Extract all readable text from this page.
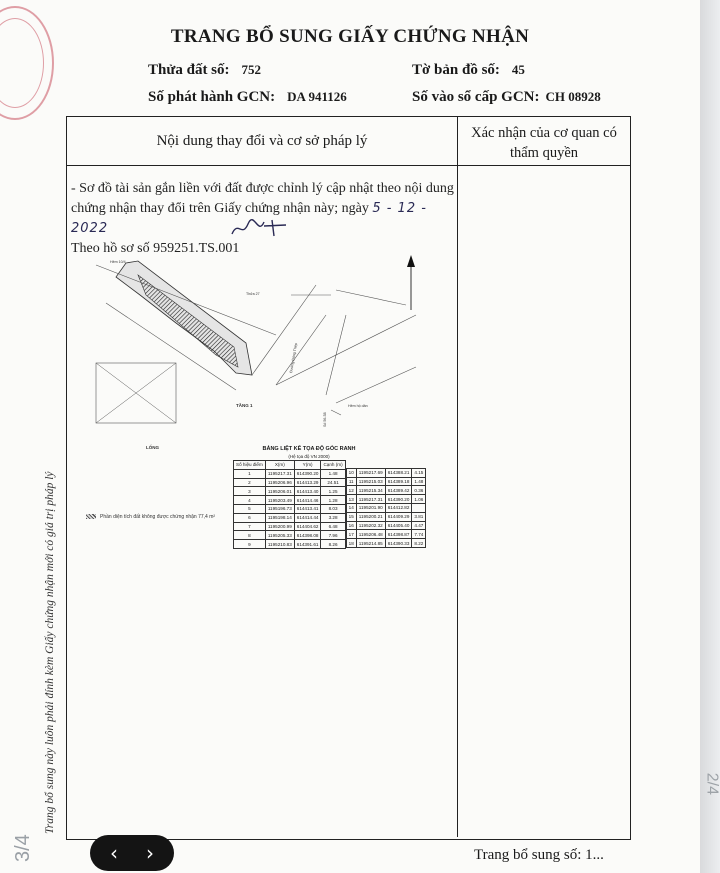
TRANG BỔ SUNG GIẤY CHỨNG NHẬN
Thửa đất số: 752	Tờ bản đồ số: 45
Số phát hành GCN: DA 941126	Số vào sổ cấp GCN: CH 08928
Nội dung thay đổi và cơ sở pháp lý	Xác nhận của cơ quan có thẩm quyền
- Sơ đồ tài sản gắn liền với đất được chỉnh lý cập nhật theo nội dung chứng nhận thay đổi trên Giấy chứng nhận này; ngày 5 - 12 - 2022
Theo hồ sơ số 959251.TS.001
Hẻm 10/4
Thửa 27
Đường Đông Thép
Hẻm hộ dân
Số 56-58
TẦNG 1
LỐNG
Phần diện tích đất không được chứng nhận 77,4 m²
BẢNG LIỆT KÊ TỌA ĐỘ GÓC RANH
(Hệ tọa độ VN 2000)
Số hiệu điểm	X(m)	Y(m)	Cạnh (m)
1	1195217.31	614390.20	1.48
2	1195206.96	614413.29	24.51
3	1195206.01	614413.40	1.25
4	1195203.49	614414.46	1.28
5	1195196.73	614413.41	8.03
6	1195198.14	614414.44	3.28
7	1195200.99	614404.62	6.48
8	1195205.33	614398.08	7.96
9	1195210.83	614391.61	8.26

10	1195217.69	614388.21	4.15
11	1195215.03	614389.18	1.48
12	1195215.34	614389.42	0.36
13	1195217.31	614390.20	1.06
14	1195201.90	614412.82	
15	1195200.21	614409.29	3.81
16	1195202.32	614405.40	4.47
17	1195206.48	614398.87	7.74
18	1195214.85	614390.33	8.22
Trang bổ sung này luôn phải đính kèm Giấy chứng nhận mới có giá trị pháp lý
3/4	‹	›	Trang bổ sung số: 1...
2/4
